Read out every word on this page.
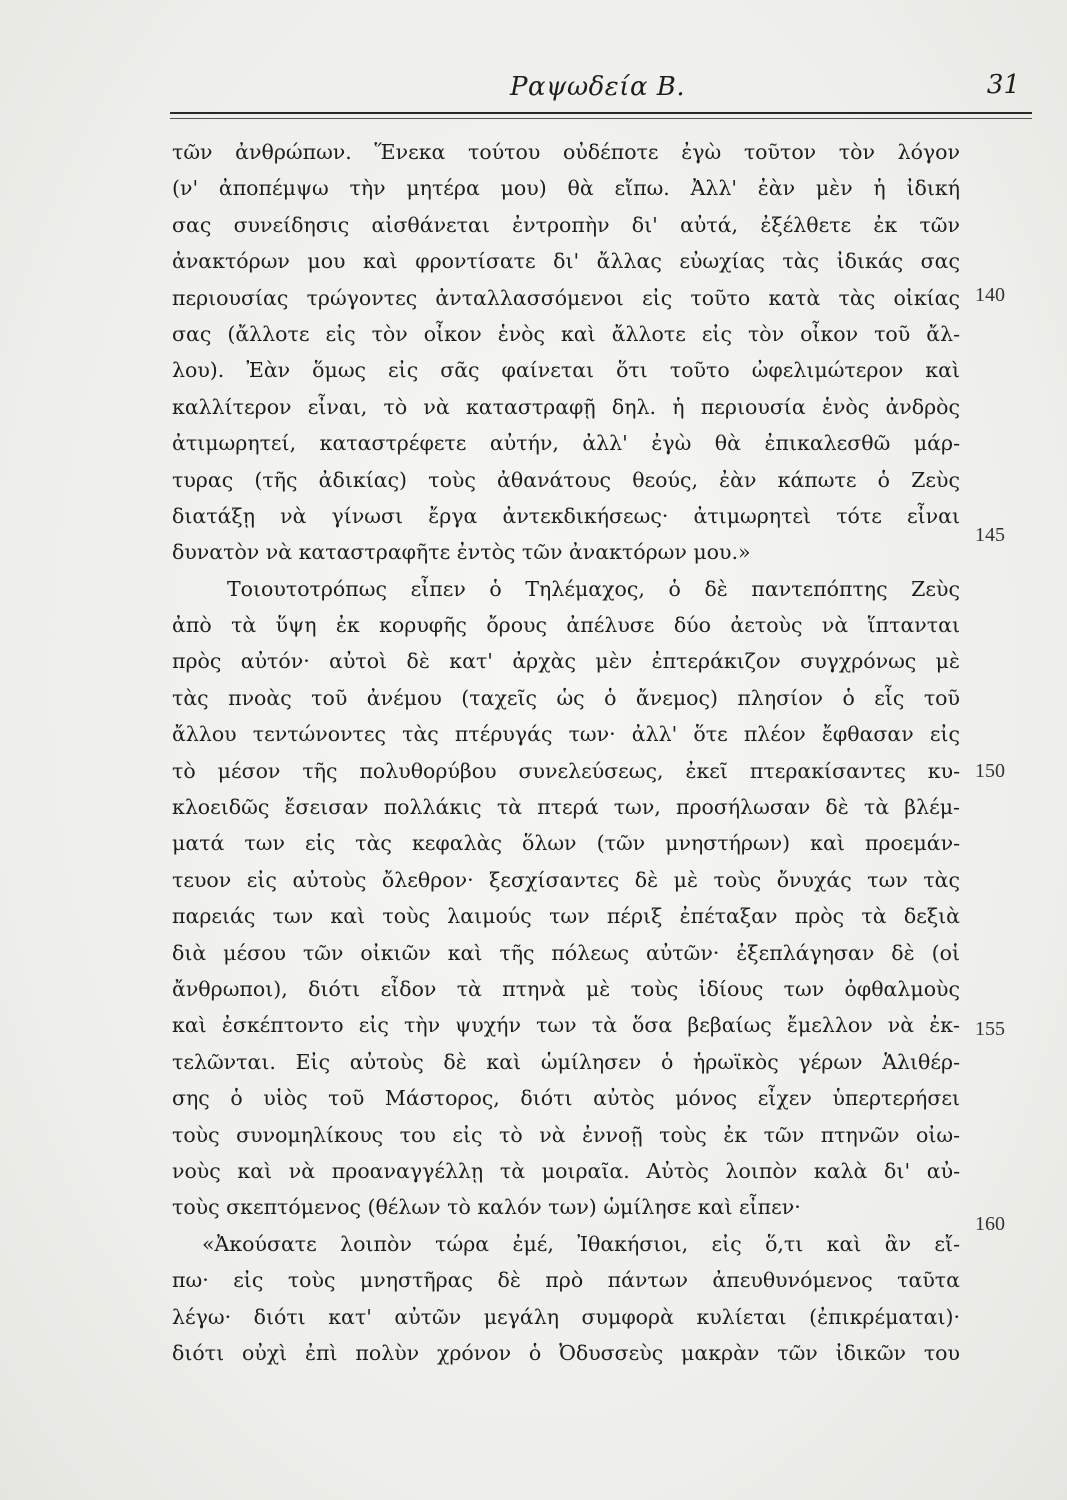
Ραψωδεία Β.	31
τῶν ἀνθρώπων. Ἕνεκα τούτου οὐδέποτε ἐγὼ τοῦτον τὸν λόγον
(ν' ἀποπέμψω τὴν μητέρα μου) θὰ εἴπω. Ἀλλ' ἐὰν μὲν ἡ ἰδική
σας συνείδησις αἰσθάνεται ἐντροπὴν δι' αὐτά, ἐξέλθετε ἐκ τῶν
ἀνακτόρων μου καὶ φροντίσατε δι' ἄλλας εὐωχίας τὰς ἰδικάς σας
περιουσίας τρώγοντες ἀνταλλασσόμενοι εἰς τοῦτο κατὰ τὰς οἰκίας
σας (ἄλλοτε εἰς τὸν οἶκον ἑνὸς καὶ ἄλλοτε εἰς τὸν οἶκον τοῦ ἄλ-
λου). Ἐὰν ὅμως εἰς σᾶς φαίνεται ὅτι τοῦτο ὠφελιμώτερον καὶ
καλλίτερον εἶναι, τὸ νὰ καταστραφῇ δηλ. ἡ περιουσία ἑνὸς ἀνδρὸς
ἀτιμωρητεί, καταστρέφετε αὐτήν, ἀλλ' ἐγὼ θὰ ἐπικαλεσθῶ μάρ-
τυρας (τῆς ἀδικίας) τοὺς ἀθανάτους θεούς, ἐὰν κάπωτε ὁ Ζεὺς
διατάξῃ νὰ γίνωσι ἔργα ἀντεκδικήσεως· ἀτιμωρητεὶ τότε εἶναι
δυνατὸν νὰ καταστραφῆτε ἐντὸς τῶν ἀνακτόρων μου.»
Τοιουτοτρόπως εἶπεν ὁ Τηλέμαχος, ὁ δὲ παντεπόπτης Ζεὺς
ἀπὸ τὰ ὕψη ἐκ κορυφῆς ὄρους ἀπέλυσε δύο ἀετοὺς νὰ ἵπτανται
πρὸς αὐτόν· αὐτοὶ δὲ κατ' ἀρχὰς μὲν ἐπτεράκιζον συγχρόνως μὲ
τὰς πνοὰς τοῦ ἀνέμου (ταχεῖς ὡς ὁ ἄνεμος) πλησίον ὁ εἷς τοῦ
ἄλλου τεντώνοντες τὰς πτέρυγάς των· ἀλλ' ὅτε πλέον ἔφθασαν εἰς
τὸ μέσον τῆς πολυθορύβου συνελεύσεως, ἐκεῖ πτερακίσαντες κυ-
κλοειδῶς ἔσεισαν πολλάκις τὰ πτερά των, προσήλωσαν δὲ τὰ βλέμ-
ματά των εἰς τὰς κεφαλὰς ὅλων (τῶν μνηστήρων) καὶ προεμάν-
τευον εἰς αὐτοὺς ὄλεθρον· ξεσχίσαντες δὲ μὲ τοὺς ὄνυχάς των τὰς
παρειάς των καὶ τοὺς λαιμούς των πέριξ ἐπέταξαν πρὸς τὰ δεξιὰ
διὰ μέσου τῶν οἰκιῶν καὶ τῆς πόλεως αὐτῶν· ἐξεπλάγησαν δὲ (οἱ
ἄνθρωποι), διότι εἶδον τὰ πτηνὰ μὲ τοὺς ἰδίους των ὀφθαλμοὺς
καὶ ἐσκέπτοντο εἰς τὴν ψυχήν των τὰ ὅσα βεβαίως ἔμελλον νὰ ἐκ-
τελῶνται. Εἰς αὐτοὺς δὲ καὶ ὡμίλησεν ὁ ἡρωϊκὸς γέρων Ἁλιθέρ-
σης ὁ υἱὸς τοῦ Μάστορος, διότι αὐτὸς μόνος εἶχεν ὑπερτερήσει
τοὺς συνομηλίκους του εἰς τὸ νὰ ἐννοῇ τοὺς ἐκ τῶν πτηνῶν οἰω-
νοὺς καὶ νὰ προαναγγέλλῃ τὰ μοιραῖα. Αὐτὸς λοιπὸν καλὰ δι' αὐ-
τοὺς σκεπτόμενος (θέλων τὸ καλόν των) ὡμίλησε καὶ εἶπεν·
«Ἀκούσατε λοιπὸν τώρα ἐμέ, Ἰθακήσιοι, εἰς ὅ,τι καὶ ἂν εἴ-
πω· εἰς τοὺς μνηστῆρας δὲ πρὸ πάντων ἀπευθυνόμενος ταῦτα
λέγω· διότι κατ' αὐτῶν μεγάλη συμφορὰ κυλίεται (ἐπικρέμαται)·
διότι οὐχὶ ἐπὶ πολὺν χρόνον ὁ Ὀδυσσεὺς μακρὰν τῶν ἰδικῶν του
140
145
150
155
160
